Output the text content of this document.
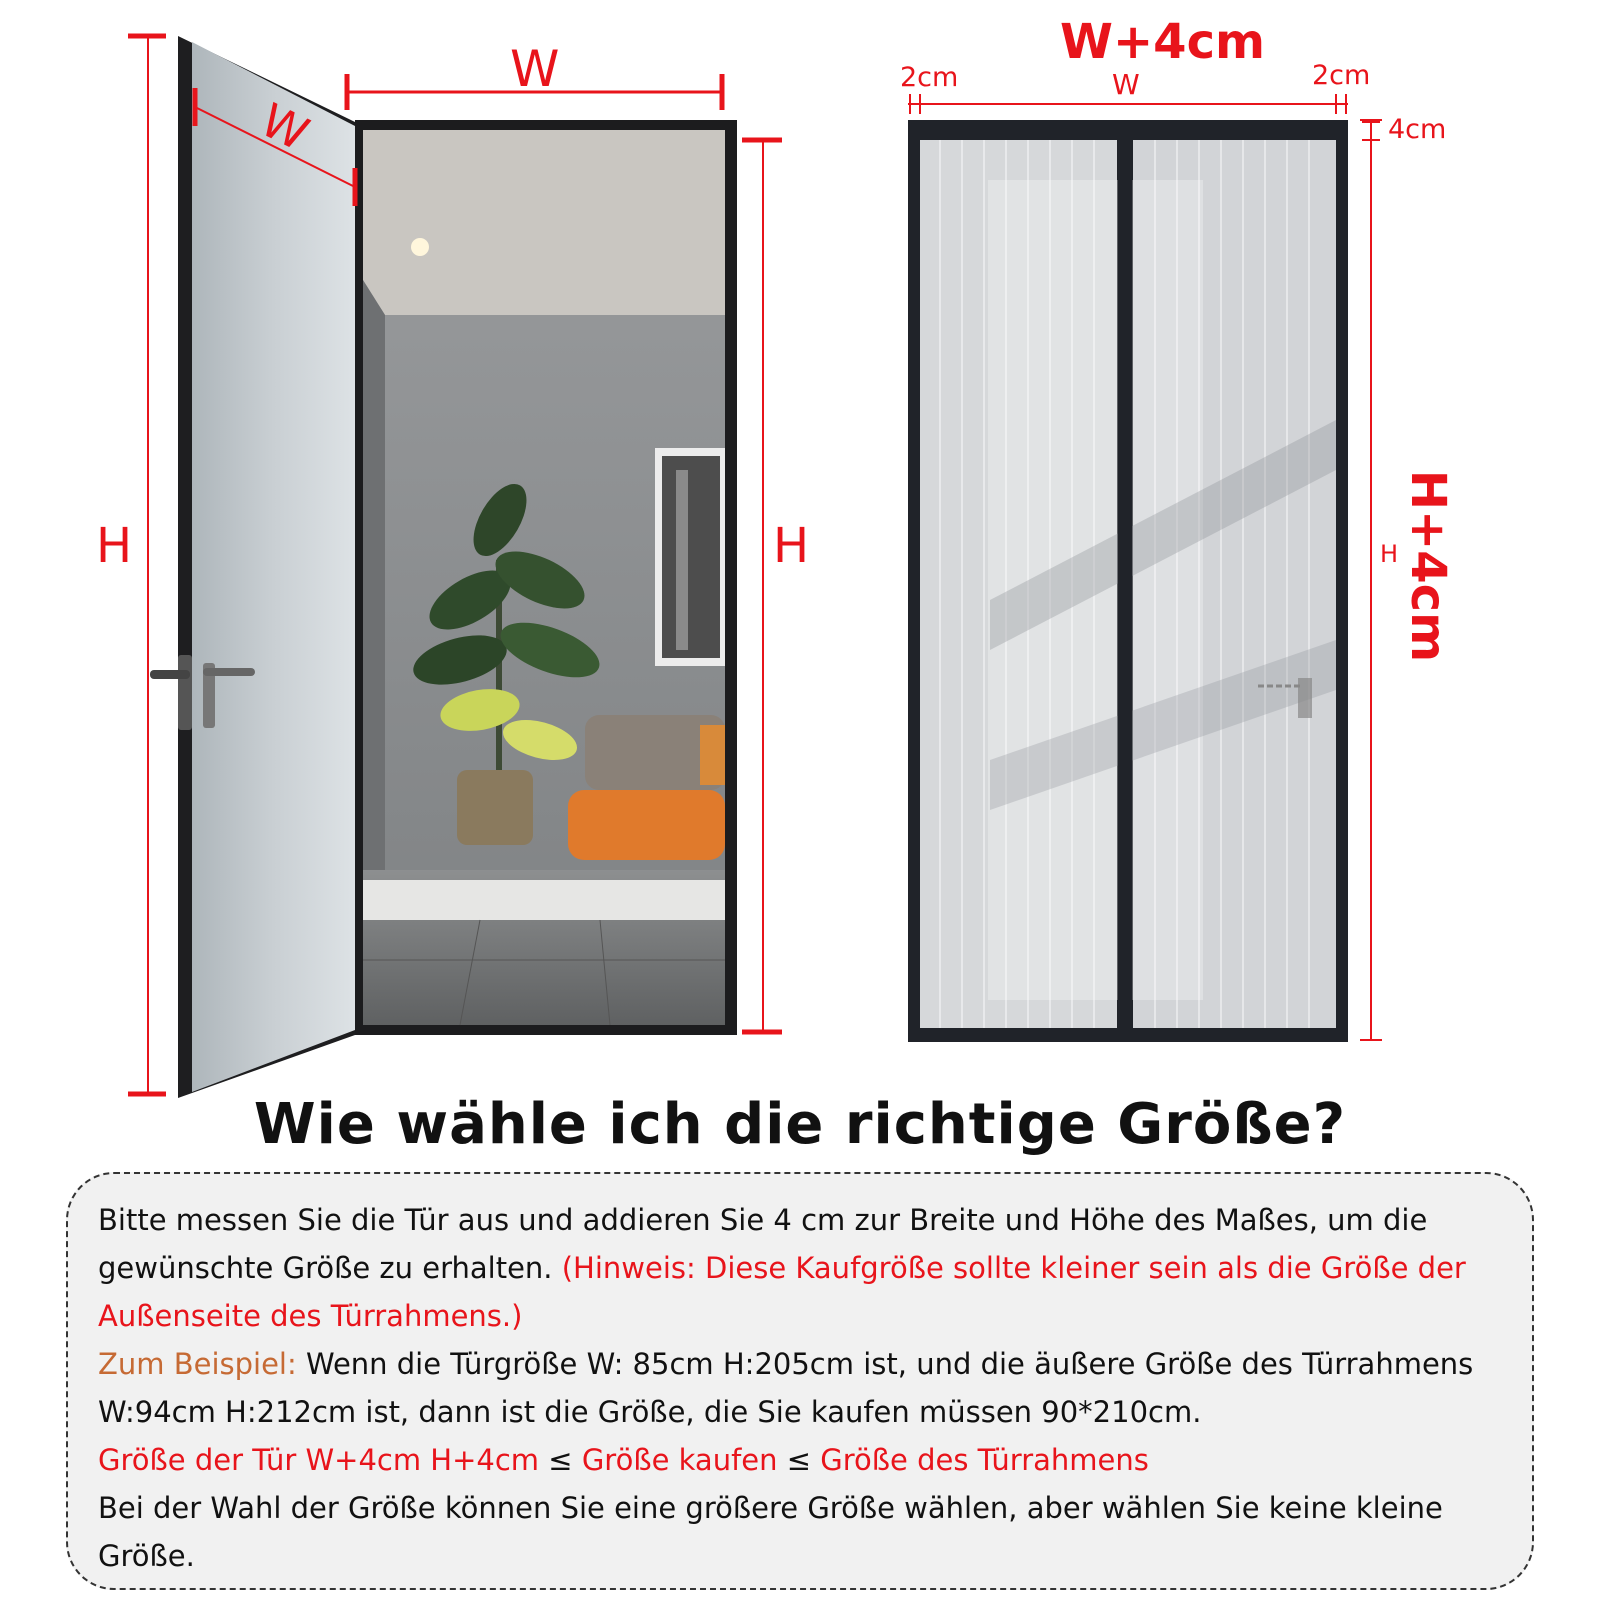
W
W
H	H
W+4cm
2cm	W	2cm
4cm
H H+4cm
Wie wähle ich die richtige Größe?

Bitte messen Sie die Tür aus und addieren Sie 4 cm zur Breite und Höhe des Maßes, um die gewünschte Größe zu erhalten. (Hinweis: Diese Kaufgröße sollte kleiner sein als die Größe der Außenseite des Türrahmens.)

Zum Beispiel: Wenn die Türgröße W: 85cm H:205cm ist, und die äußere Größe des Türrahmens W:94cm H:212cm ist, dann ist die Größe, die Sie kaufen müssen 90*210cm.

Größe der Tür W+4cm H+4cm ≤ Größe kaufen ≤ Größe des Türrahmens

Bei der Wahl der Größe können Sie eine größere Größe wählen, aber wählen Sie keine kleine Größe.
